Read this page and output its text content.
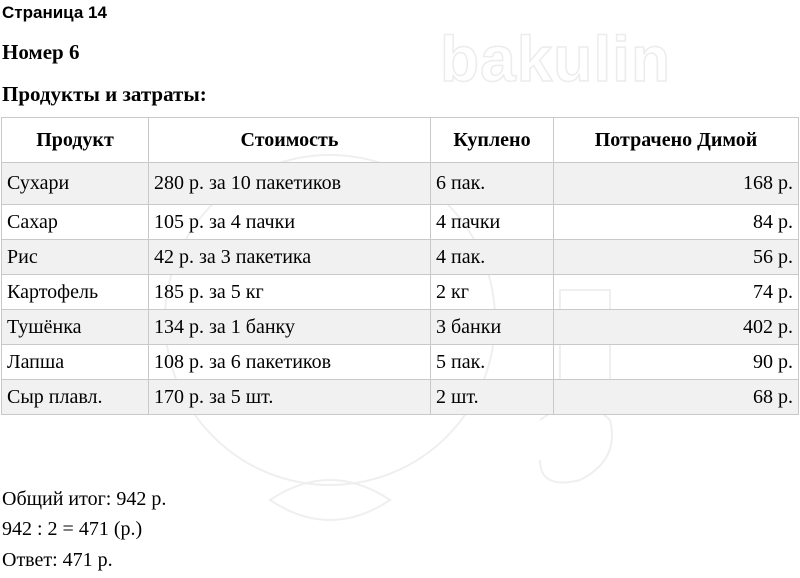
bakulin
Страница 14
Номер 6
Продукты и затраты:
Продукт	Стоимость	Куплено	Потрачено Димой
Сухари	280 р. за 10 пакетиков	6 пак.	168 р.
Сахар	105 р. за 4 пачки	4 пачки	84 р.
Рис	42 р. за 3 пакетика	4 пак.	56 р.
Картофель	185 р. за 5 кг	2 кг	74 р.
Тушёнка	134 р. за 1 банку	3 банки	402 р.
Лапша	108 р. за 6 пакетиков	5 пак.	90 р.
Сыр плавл.	170 р. за 5 шт.	2 шт.	68 р.
Общий итог: 942 р.
942 : 2 = 471 (р.)
Ответ: 471 р.
